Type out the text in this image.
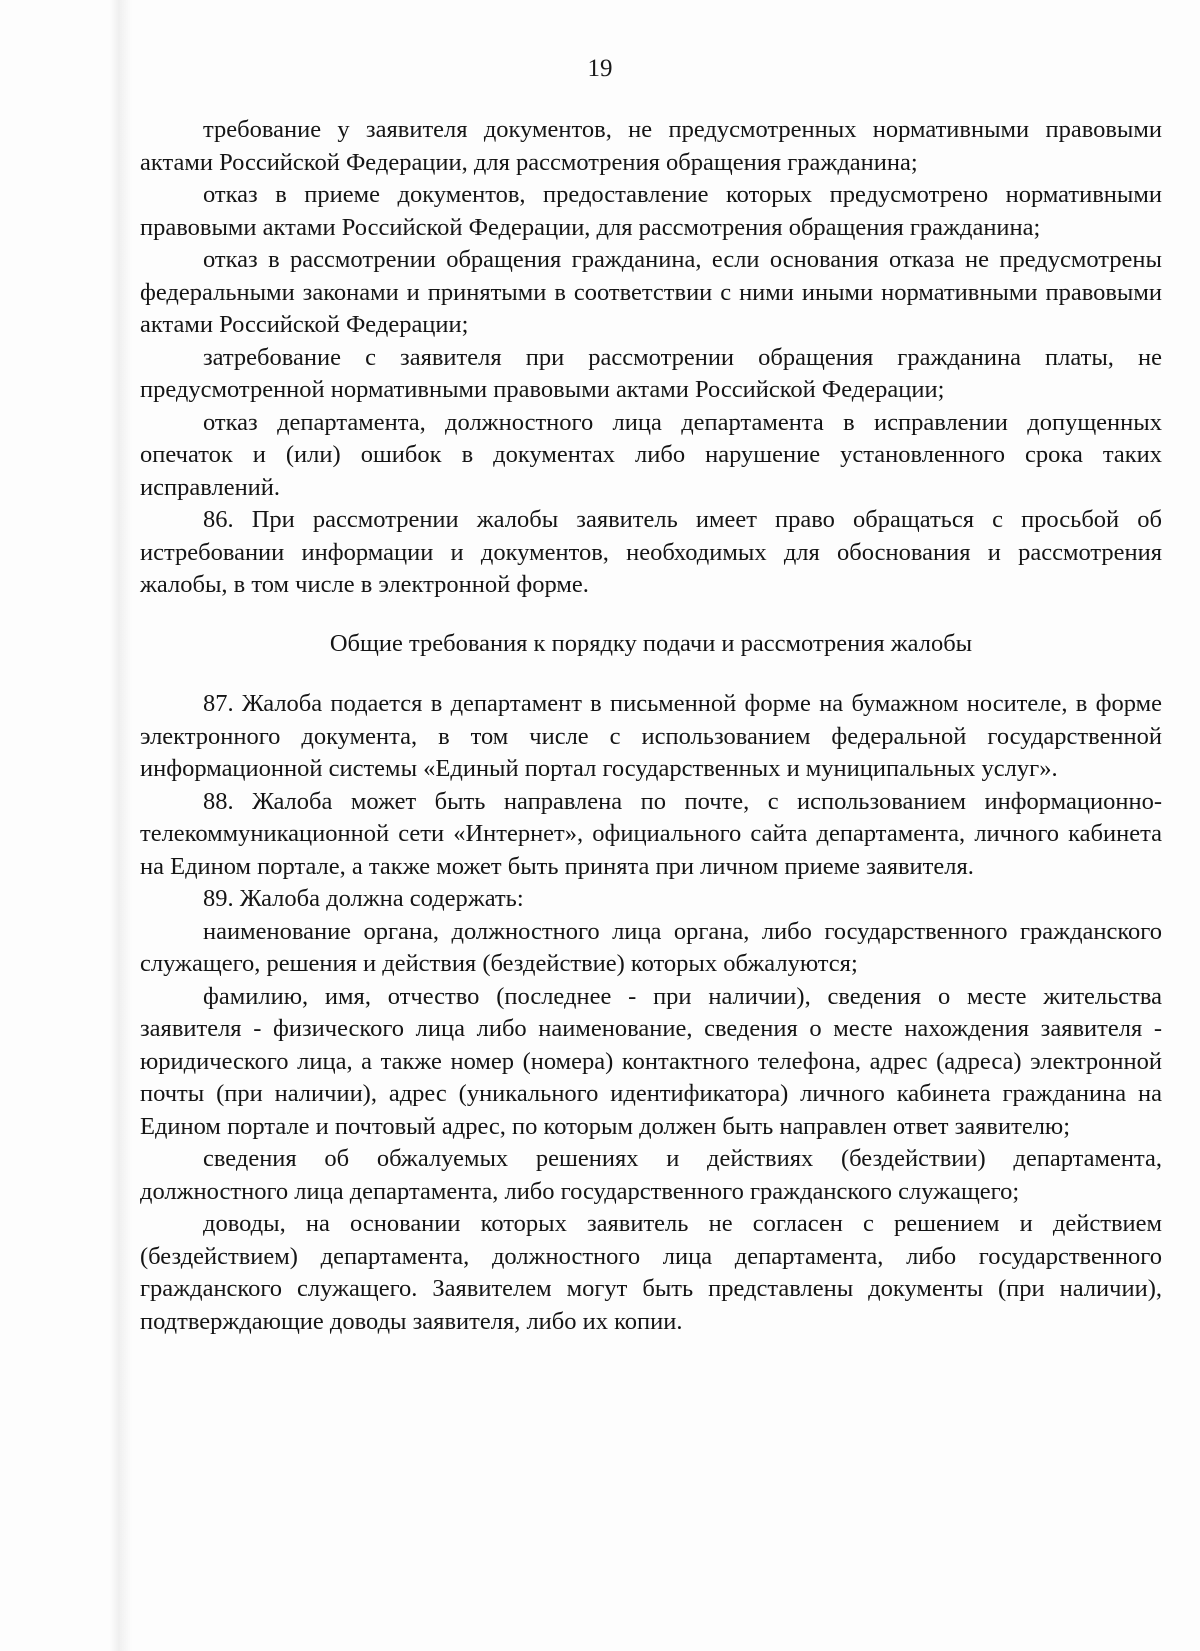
19

требование у заявителя документов, не предусмотренных нормативными правовыми актами Российской Федерации, для рассмотрения обращения гражданина;

отказ в приеме документов, предоставление которых предусмотрено нормативными правовыми актами Российской Федерации, для рассмотрения обращения гражданина;

отказ в рассмотрении обращения гражданина, если основания отказа не предусмотрены федеральными законами и принятыми в соответствии с ними иными нормативными правовыми актами Российской Федерации;

затребование с заявителя при рассмотрении обращения гражданина платы, не предусмотренной нормативными правовыми актами Российской Федерации;

отказ департамента, должностного лица департамента в исправлении допущенных опечаток и (или) ошибок в документах либо нарушение установленного срока таких исправлений.

86. При рассмотрении жалобы заявитель имеет право обращаться с просьбой об истребовании информации и документов, необходимых для обоснования и рассмотрения жалобы, в том числе в электронной форме.

Общие требования к порядку подачи и рассмотрения жалобы

87. Жалоба подается в департамент в письменной форме на бумажном носителе, в форме электронного документа, в том числе с использованием федеральной государственной информационной системы «Единый портал государственных и муниципальных услуг».

88. Жалоба может быть направлена по почте, с использованием информационно-телекоммуникационной сети «Интернет», официального сайта департамента, личного кабинета на Едином портале, а также может быть принята при личном приеме заявителя.

89. Жалоба должна содержать:

наименование органа, должностного лица органа, либо государственного гражданского служащего, решения и действия (бездействие) которых обжалуются;

фамилию, имя, отчество (последнее - при наличии), сведения о месте жительства заявителя - физического лица либо наименование, сведения о месте нахождения заявителя - юридического лица, а также номер (номера) контактного телефона, адрес (адреса) электронной почты (при наличии), адрес (уникального идентификатора) личного кабинета гражданина на Едином портале и почтовый адрес, по которым должен быть направлен ответ заявителю;

сведения об обжалуемых решениях и действиях (бездействии) департамента, должностного лица департамента, либо государственного гражданского служащего;

доводы, на основании которых заявитель не согласен с решением и действием (бездействием) департамента, должностного лица департамента, либо государственного гражданского служащего. Заявителем могут быть представлены документы (при наличии), подтверждающие доводы заявителя, либо их копии.
